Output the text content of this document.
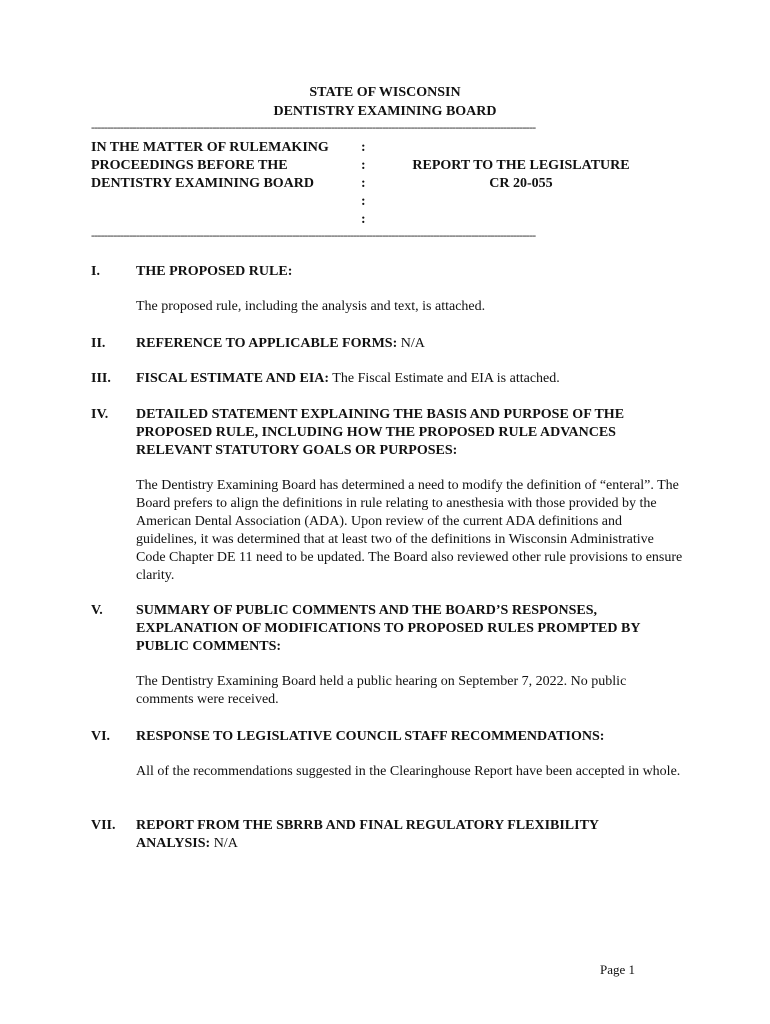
STATE OF WISCONSIN
DENTISTRY EXAMINING BOARD
-------------------------------------------------------------------------------------------------------------------------------------------
IN THE MATTER OF RULEMAKING
PROCEEDINGS BEFORE THE
DENTISTRY EXAMINING BOARD
:
:
:
:
:
REPORT TO THE LEGISLATURE
CR 20-055
-------------------------------------------------------------------------------------------------------------------------------------------
I.	THE PROPOSED RULE:
The proposed rule, including the analysis and text, is attached.
II. REFERENCE TO APPLICABLE FORMS: N/A
III. FISCAL ESTIMATE AND EIA: The Fiscal Estimate and EIA is attached.
IV. DETAILED STATEMENT EXPLAINING THE BASIS AND PURPOSE OF THE PROPOSED RULE, INCLUDING HOW THE PROPOSED RULE ADVANCES RELEVANT STATUTORY GOALS OR PURPOSES:
The Dentistry Examining Board has determined a need to modify the definition of “enteral”. The Board prefers to align the definitions in rule relating to anesthesia with those provided by the American Dental Association (ADA). Upon review of the current ADA definitions and guidelines, it was determined that at least two of the definitions in Wisconsin Administrative Code Chapter DE 11 need to be updated. The Board also reviewed other rule provisions to ensure clarity.
V. SUMMARY OF PUBLIC COMMENTS AND THE BOARD’S RESPONSES, EXPLANATION OF MODIFICATIONS TO PROPOSED RULES PROMPTED BY PUBLIC COMMENTS:
The Dentistry Examining Board held a public hearing on September 7, 2022. No public comments were received.
VI. RESPONSE TO LEGISLATIVE COUNCIL STAFF RECOMMENDATIONS:
All of the recommendations suggested in the Clearinghouse Report have been accepted in whole.
VII. REPORT FROM THE SBRRB AND FINAL REGULATORY FLEXIBILITY ANALYSIS: N/A
Page 1
